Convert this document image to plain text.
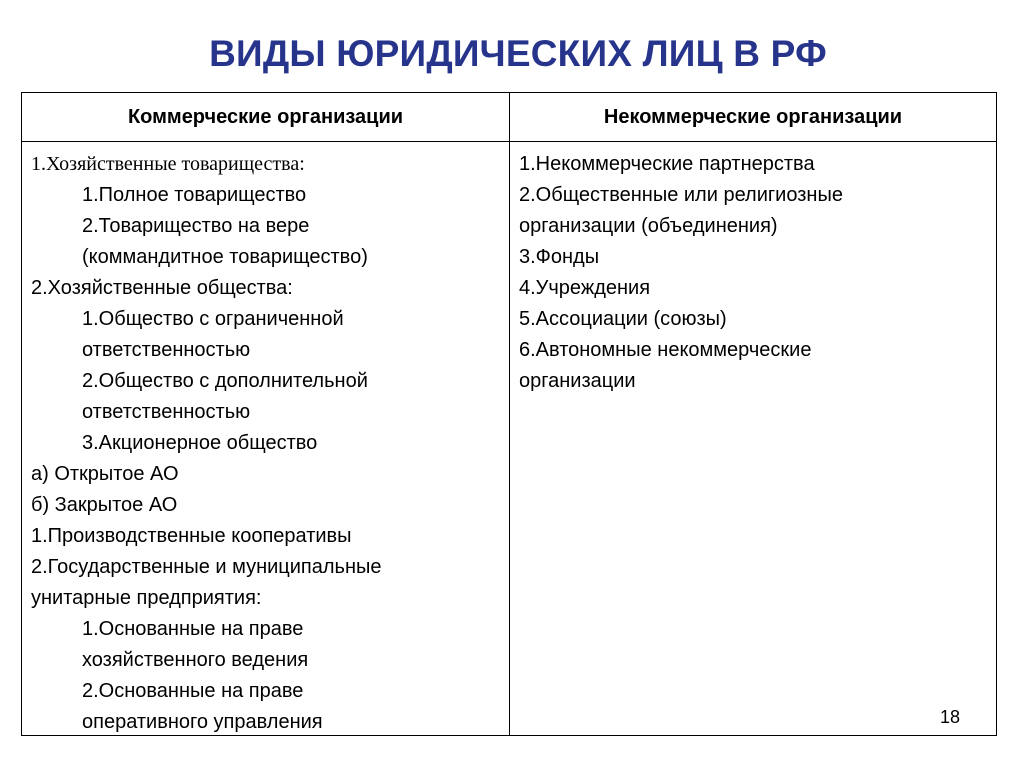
ВИДЫ ЮРИДИЧЕСКИХ ЛИЦ В РФ
Коммерческие организации	Некоммерческие организации
1.Хозяйственные товарищества:
1.Полное товарищество
2.Товарищество на вере
(коммандитное товарищество)
2.Хозяйственные общества:
1.Общество с ограниченной
ответственностью
2.Общество с дополнительной
ответственностью
3.Акционерное общество
а) Открытое АО
б) Закрытое АО
1.Производственные кооперативы
2.Государственные и муниципальные
унитарные предприятия:
1.Основанные на праве
хозяйственного ведения
2.Основанные на праве
оперативного управления
1.Некоммерческие партнерства
2.Общественные или религиозные
организации (объединения)
3.Фонды
4.Учреждения
5.Ассоциации (союзы)
6.Автономные некоммерческие
организации
18
